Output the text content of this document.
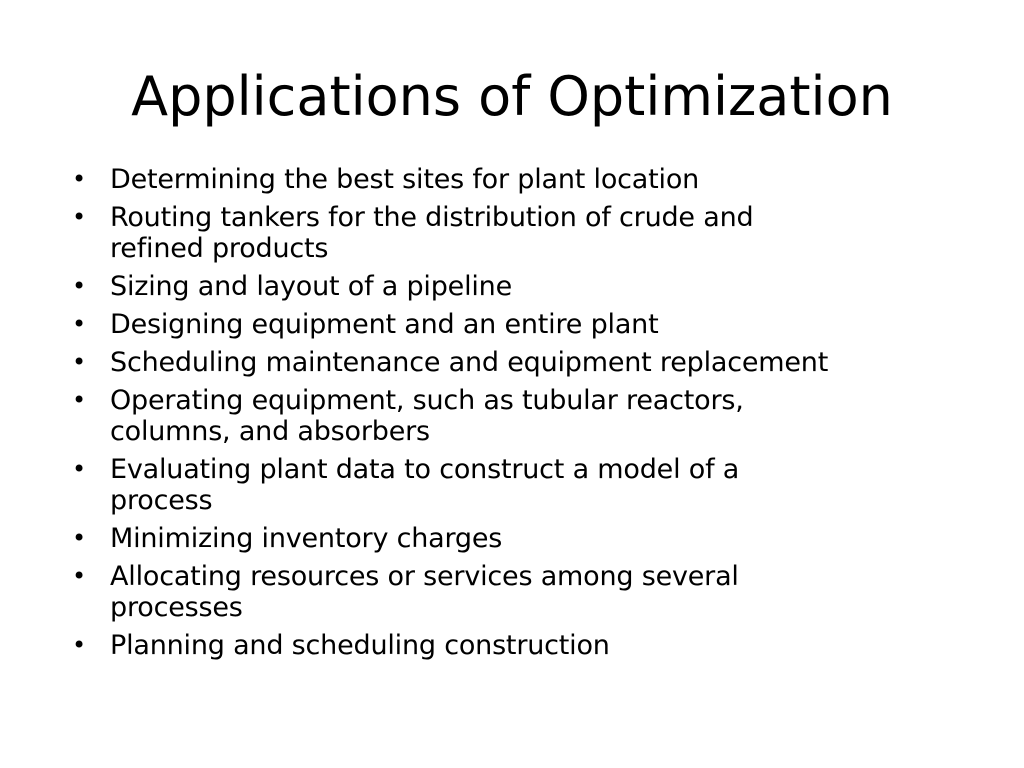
Applications of Optimization
• Determining the best sites for plant location
• Routing tankers for the distribution of crude and
refined products
• Sizing and layout of a pipeline
• Designing equipment and an entire plant
• Scheduling maintenance and equipment replacement
• Operating equipment, such as tubular reactors,
columns, and absorbers
• Evaluating plant data to construct a model of a
process
• Minimizing inventory charges
• Allocating resources or services among several
processes
• Planning and scheduling construction
